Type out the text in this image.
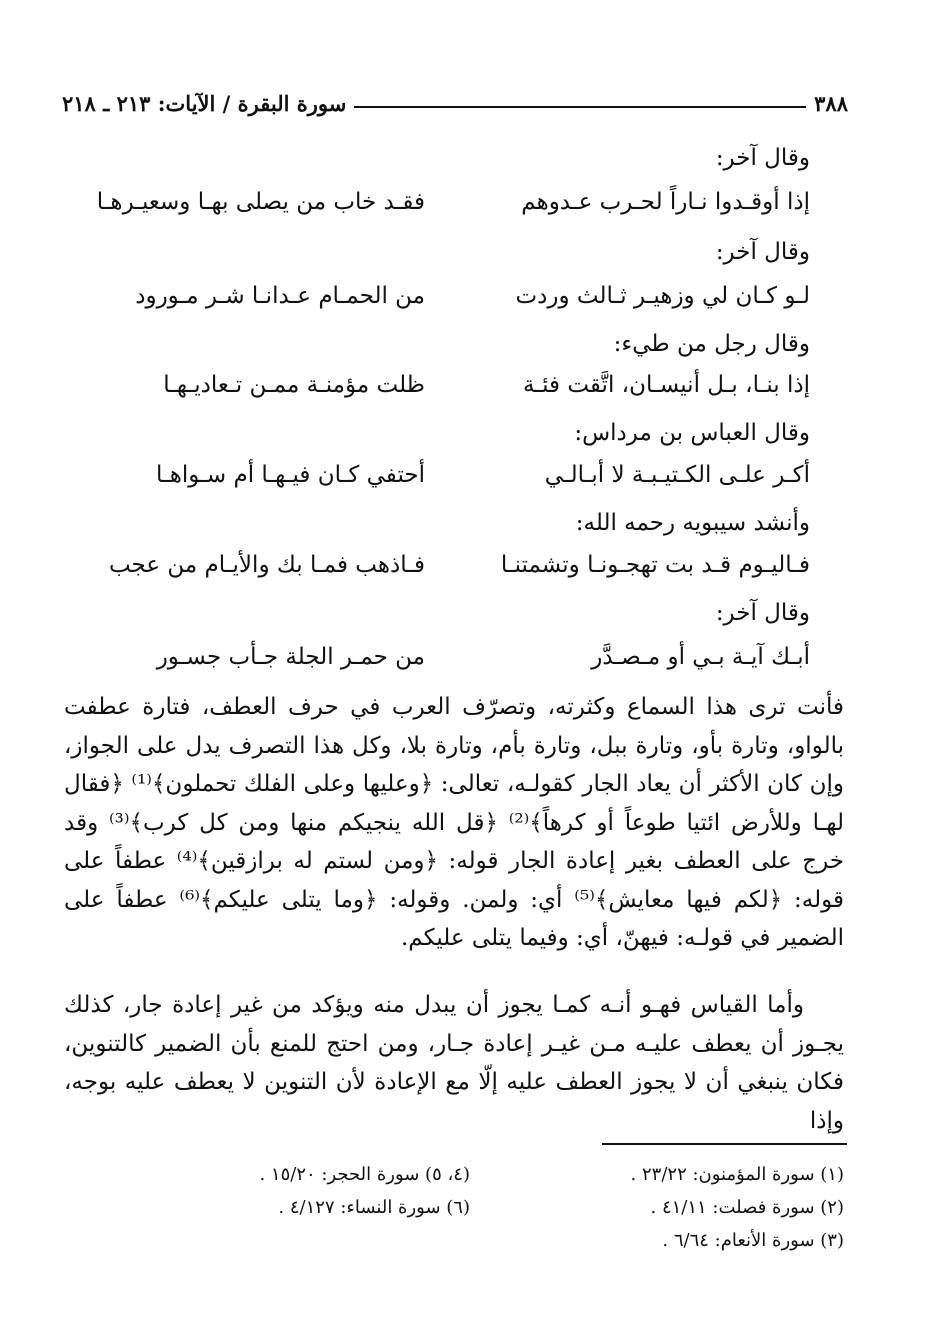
٣٨٨
سورة البقرة / الآيات: ٢١٣ ـ ٢١٨
وقال آخر:
إذا أوقـدوا نـاراً لحـرب عـدوهم
فقـد خاب من يصلى بهـا وسعيـرهـا
وقال آخر:
لـو كـان لي وزهيـر ثـالث وردت
من الحمـام عـدانـا شـر مـورود
وقال رجل من طيء:
إذا بنـا، بـل أنيسـان، اتَّقت فئـة
ظلت مؤمنـة ممـن تـعاديـهـا
وقال العباس بن مرداس:
أكـر علـى الكـتيـبـة لا أبـالـي
أحتفي كـان فيـهـا أم سـواهـا
وأنشد سيبويه رحمه الله:
فـاليـوم قـد بت تهجـونـا وتشمتنـا
فـاذهب فمـا بك والأيـام من عجب
وقال آخر:
أبـك آيـة بـي أو مـصـدَّر
من حمـر الجلة جـأب جسـور
فأنت ترى هذا السماع وكثرته، وتصرّف العرب في حرف العطف، فتارة عطفت بالواو، وتارة بأو، وتارة ببل، وتارة بأم، وتارة بلا، وكل هذا التصرف يدل على الجواز، وإن كان الأكثر أن يعاد الجار كقولـه، تعالى: ﴿وعليها وعلى الفلك تحملون﴾⁽¹⁾ ﴿فقال لهـا وللأرض ائتيا طوعاً أو كرهاً﴾⁽²⁾ ﴿قل الله ينجيكم منها ومن كل كرب﴾⁽³⁾ وقد خرج على العطف بغير إعادة الجار قوله: ﴿ومن لستم له برازقين﴾⁽⁴⁾ عطفاً على قوله: ﴿لكم فيها معايش﴾⁽⁵⁾ أي: ولمن. وقوله: ﴿وما يتلى عليكم﴾⁽⁶⁾ عطفاً على الضمير في قولـه: فيهنّ، أي: وفيما يتلى عليكم.
وأما القياس فهـو أنـه كمـا يجوز أن يبدل منه ويؤكد من غير إعادة جار، كذلك يجـوز أن يعطف عليـه مـن غيـر إعادة جـار، ومن احتج للمنع بأن الضمير كالتنوين، فكان ينبغي أن لا يجوز العطف عليه إلّا مع الإعادة لأن التنوين لا يعطف عليه بوجه، وإذا
(١) سورة المؤمنون: ٢٣/٢٢ .
(٢) سورة فصلت: ٤١/١١ .
(٣) سورة الأنعام: ٦/٦٤ .
(٤، ٥) سورة الحجر: ١٥/٢٠ .
(٦) سورة النساء: ٤/١٢٧ .
